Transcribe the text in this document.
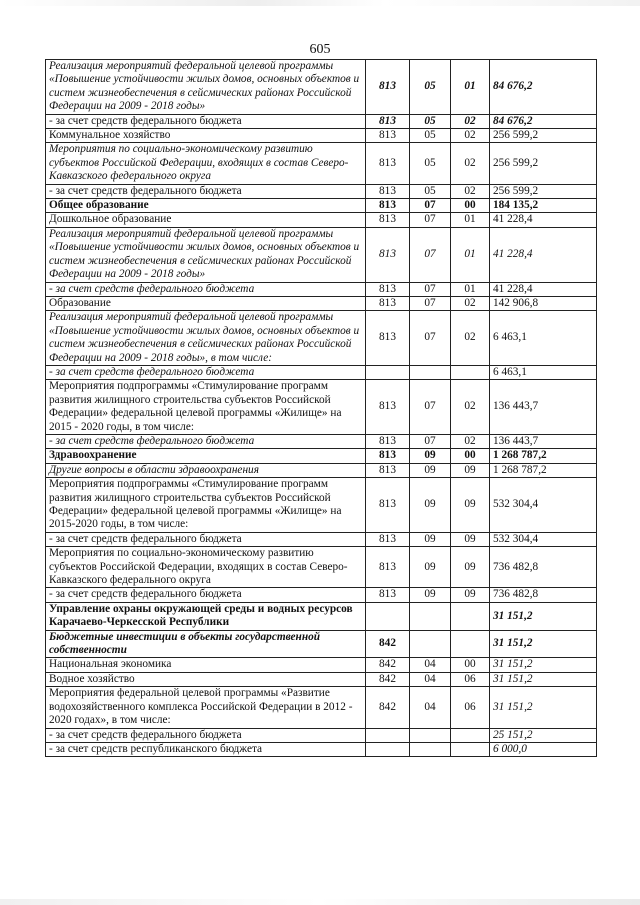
605
Реализация мероприятий федеральной целевой программы «Повышение устойчивости жилых домов, основных объектов и систем жизнеобеспечения в сейсмических районах Российской Федерации на 2009 - 2018 годы»	813	05	01	84 676,2
- за счет средств федерального бюджета	813	05	02	84 676,2
Коммунальное хозяйство	813	05	02	256 599,2
Мероприятия по социально-экономическому развитию субъектов Российской Федерации, входящих в состав Северо-Кавказского федерального округа	813	05	02	256 599,2
- за счет средств федерального бюджета	813	05	02	256 599,2
Общее образование	813	07	00	184 135,2
Дошкольное образование	813	07	01	41 228,4
Реализация мероприятий федеральной целевой программы «Повышение устойчивости жилых домов, основных объектов и систем жизнеобеспечения в сейсмических районах Российской Федерации на 2009 - 2018 годы»	813	07	01	41 228,4
- за счет средств федерального бюджета	813	07	01	41 228,4
Образование	813	07	02	142 906,8
Реализация мероприятий федеральной целевой программы «Повышение устойчивости жилых домов, основных объектов и систем жизнеобеспечения в сейсмических районах Российской Федерации на 2009 - 2018 годы», в том числе:	813	07	02	6 463,1
- за счет средств федерального бюджета				6 463,1
Мероприятия подпрограммы «Стимулирование программ развития жилищного строительства субъектов Российской Федерации» федеральной целевой программы «Жилище» на 2015 - 2020 годы, в том числе:	813	07	02	136 443,7
- за счет средств федерального бюджета	813	07	02	136 443,7
Здравоохранение	813	09	00	1 268 787,2
Другие вопросы в области здравоохранения	813	09	09	1 268 787,2
Мероприятия подпрограммы «Стимулирование программ развития жилищного строительства субъектов Российской Федерации» федеральной целевой программы «Жилище» на 2015-2020 годы, в том числе:	813	09	09	532 304,4
- за счет средств федерального бюджета	813	09	09	532 304,4
Мероприятия по социально-экономическому развитию субъектов Российской Федерации, входящих в состав Северо-Кавказского федерального округа	813	09	09	736 482,8
- за счет средств федерального бюджета	813	09	09	736 482,8
Управление охраны окружающей среды и водных ресурсов Карачаево-Черкесской Республики				31 151,2
Бюджетные инвестиции в объекты государственной собственности	842			31 151,2
Национальная экономика	842	04	00	31 151,2
Водное хозяйство	842	04	06	31 151,2
Мероприятия федеральной целевой программы «Развитие водохозяйственного комплекса Российской Федерации в 2012 - 2020 годах», в том числе:	842	04	06	31 151,2
- за счет средств федерального бюджета				25 151,2
- за счет средств республиканского бюджета				6 000,0
